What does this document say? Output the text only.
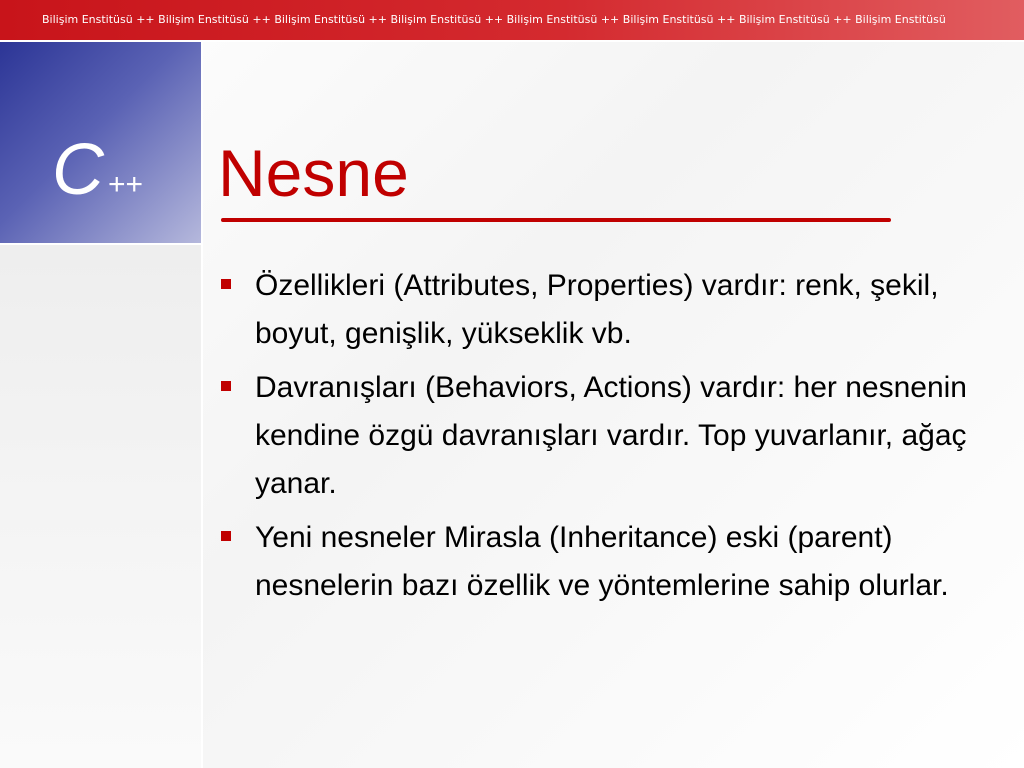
Bilişim Enstitüsü ++ Bilişim Enstitüsü ++ Bilişim Enstitüsü ++ Bilişim Enstitüsü ++ Bilişim Enstitüsü ++ Bilişim Enstitüsü ++ Bilişim Enstitüsü ++ Bilişim Enstitüsü
C ++ Nesne
Özellikleri (Attributes, Properties) vardır: renk, şekil, boyut, genişlik, yükseklik vb.
Davranışları (Behaviors, Actions) vardır: her nesnenin kendine özgü davranışları vardır. Top yuvarlanır, ağaç yanar.
Yeni nesneler Mirasla (Inheritance) eski (parent) nesnelerin bazı özellik ve yöntemlerine sahip olurlar.
